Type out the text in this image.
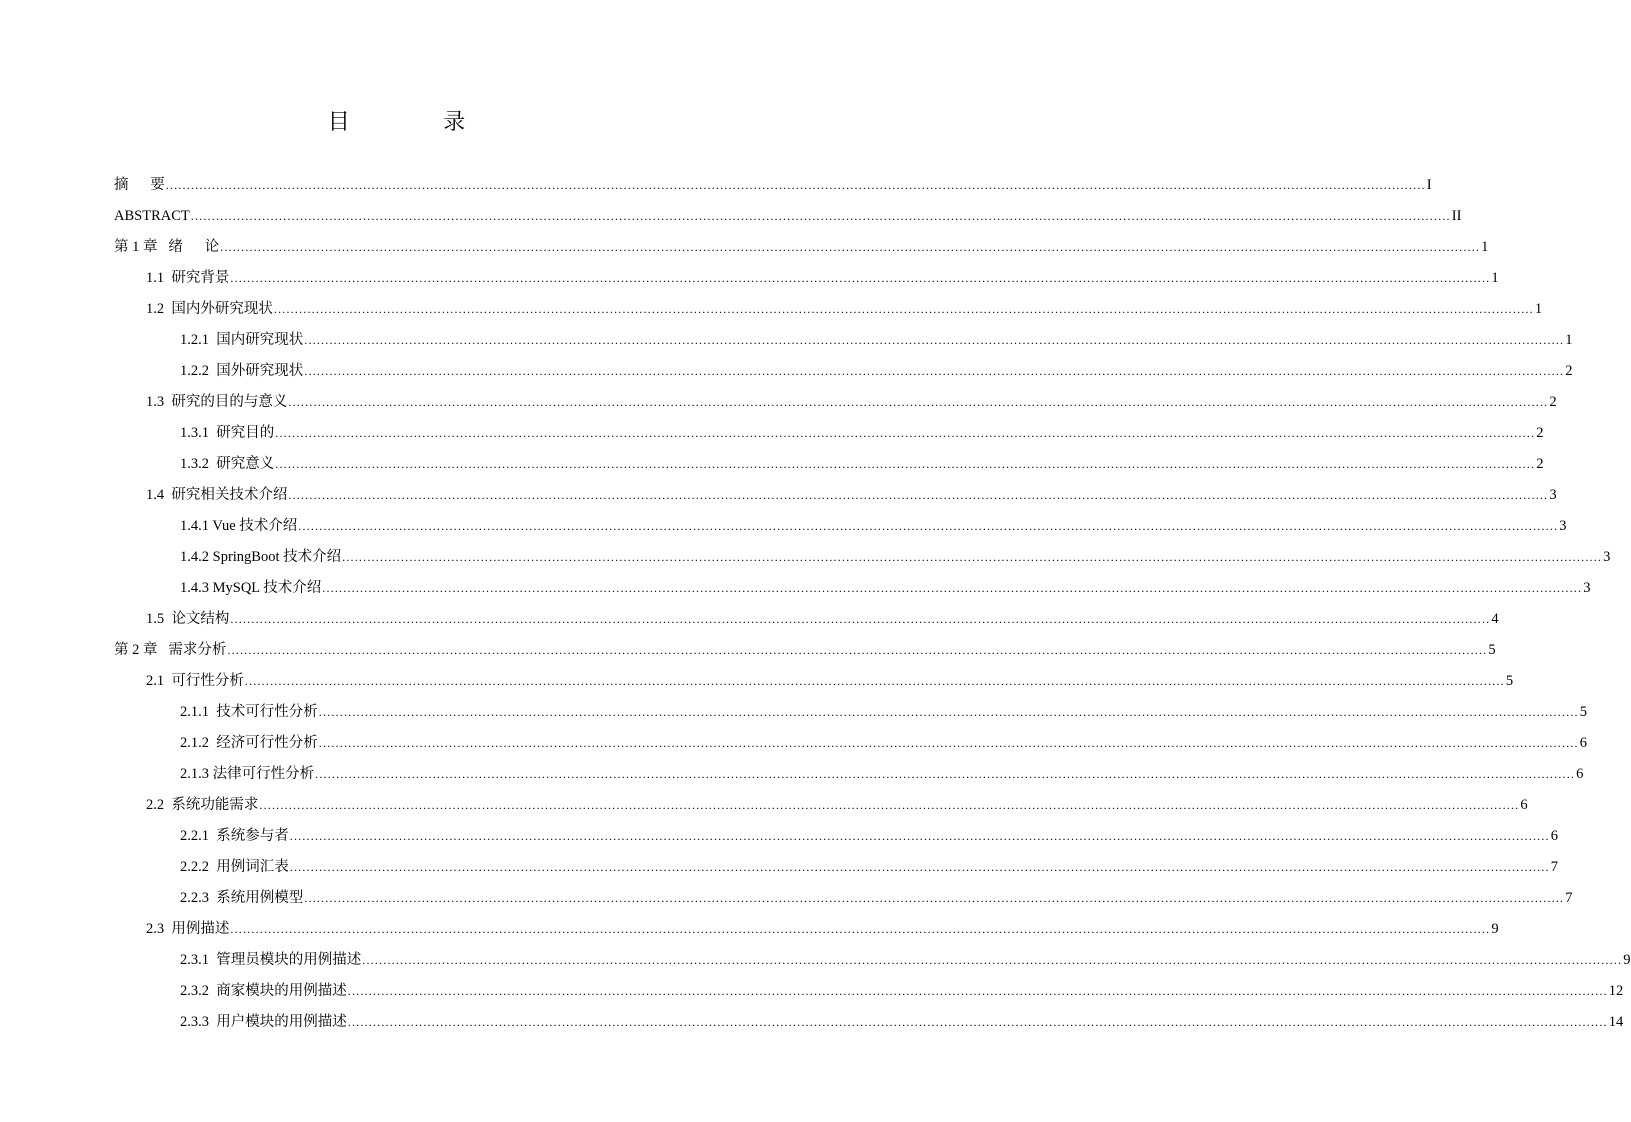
目 录
摘      要 ............................................................................................................................................................................................................................................................................................................ I
ABSTRACT ............................................................................................................................................................................................................................................................................................................ II
第 1 章   绪      论 ............................................................................................................................................................................................................................................................................................................ 1
1.1  研究背景 ............................................................................................................................................................................................................................................................................................................ 1
1.2  国内外研究现状 ............................................................................................................................................................................................................................................................................................................ 1
1.2.1  国内研究现状 ............................................................................................................................................................................................................................................................................................................ 1
1.2.2  国外研究现状 ............................................................................................................................................................................................................................................................................................................ 2
1.3  研究的目的与意义 ............................................................................................................................................................................................................................................................................................................ 2
1.3.1  研究目的 ............................................................................................................................................................................................................................................................................................................ 2
1.3.2  研究意义 ............................................................................................................................................................................................................................................................................................................ 2
1.4  研究相关技术介绍 ............................................................................................................................................................................................................................................................................................................ 3
1.4.1 Vue 技术介绍 ............................................................................................................................................................................................................................................................................................................ 3
1.4.2 SpringBoot 技术介绍 ............................................................................................................................................................................................................................................................................................................ 3
1.4.3 MySQL 技术介绍 ............................................................................................................................................................................................................................................................................................................ 3
1.5  论文结构 ............................................................................................................................................................................................................................................................................................................ 4
第 2 章   需求分析 ............................................................................................................................................................................................................................................................................................................ 5
2.1  可行性分析 ............................................................................................................................................................................................................................................................................................................ 5
2.1.1  技术可行性分析 ............................................................................................................................................................................................................................................................................................................ 5
2.1.2  经济可行性分析 ............................................................................................................................................................................................................................................................................................................ 6
2.1.3 法律可行性分析 ............................................................................................................................................................................................................................................................................................................ 6
2.2  系统功能需求 ............................................................................................................................................................................................................................................................................................................ 6
2.2.1  系统参与者 ............................................................................................................................................................................................................................................................................................................ 6
2.2.2  用例词汇表 ............................................................................................................................................................................................................................................................................................................ 7
2.2.3  系统用例模型 ............................................................................................................................................................................................................................................................................................................ 7
2.3  用例描述 ............................................................................................................................................................................................................................................................................................................ 9
2.3.1  管理员模块的用例描述 ............................................................................................................................................................................................................................................................................................................ 9
2.3.2  商家模块的用例描述 ............................................................................................................................................................................................................................................................................................................ 12
2.3.3  用户模块的用例描述 ............................................................................................................................................................................................................................................................................................................ 14
